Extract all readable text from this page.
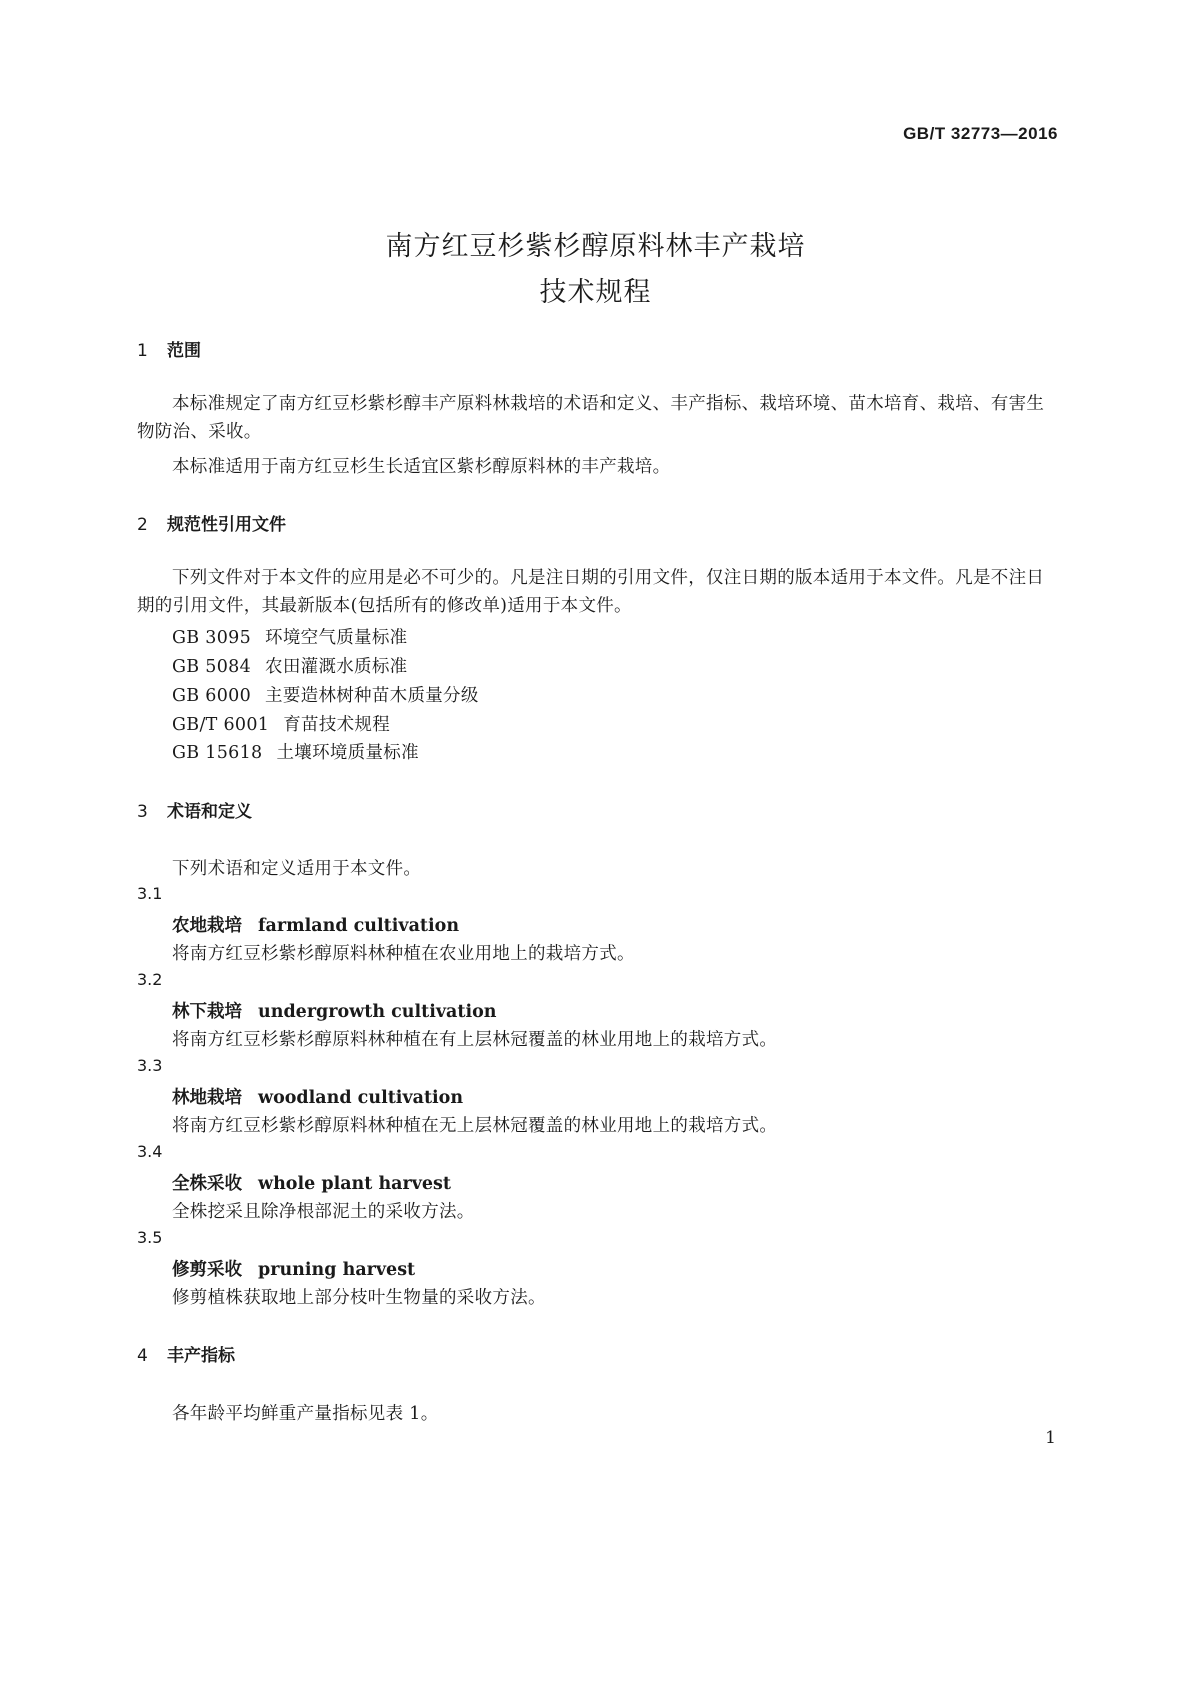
GB/T 32773—2016
南方红豆杉紫杉醇原料林丰产栽培
技术规程
1 范围
本标准规定了南方红豆杉紫杉醇丰产原料林栽培的术语和定义、丰产指标、栽培环境、苗木培育、栽培、有害生物防治、采收。
本标准适用于南方红豆杉生长适宜区紫杉醇原料林的丰产栽培。
2 规范性引用文件
下列文件对于本文件的应用是必不可少的。凡是注日期的引用文件，仅注日期的版本适用于本文件。凡是不注日期的引用文件，其最新版本(包括所有的修改单)适用于本文件。
GB 3095 环境空气质量标准
GB 5084 农田灌溉水质标准
GB 6000 主要造林树种苗木质量分级
GB/T 6001 育苗技术规程
GB 15618 土壤环境质量标准
3 术语和定义
下列术语和定义适用于本文件。
3.1
农地栽培 farmland cultivation
将南方红豆杉紫杉醇原料林种植在农业用地上的栽培方式。
3.2
林下栽培 undergrowth cultivation
将南方红豆杉紫杉醇原料林种植在有上层林冠覆盖的林业用地上的栽培方式。
3.3
林地栽培 woodland cultivation
将南方红豆杉紫杉醇原料林种植在无上层林冠覆盖的林业用地上的栽培方式。
3.4
全株采收 whole plant harvest
全株挖采且除净根部泥土的采收方法。
3.5
修剪采收 pruning harvest
修剪植株获取地上部分枝叶生物量的采收方法。
4 丰产指标
各年龄平均鲜重产量指标见表 1。
1
